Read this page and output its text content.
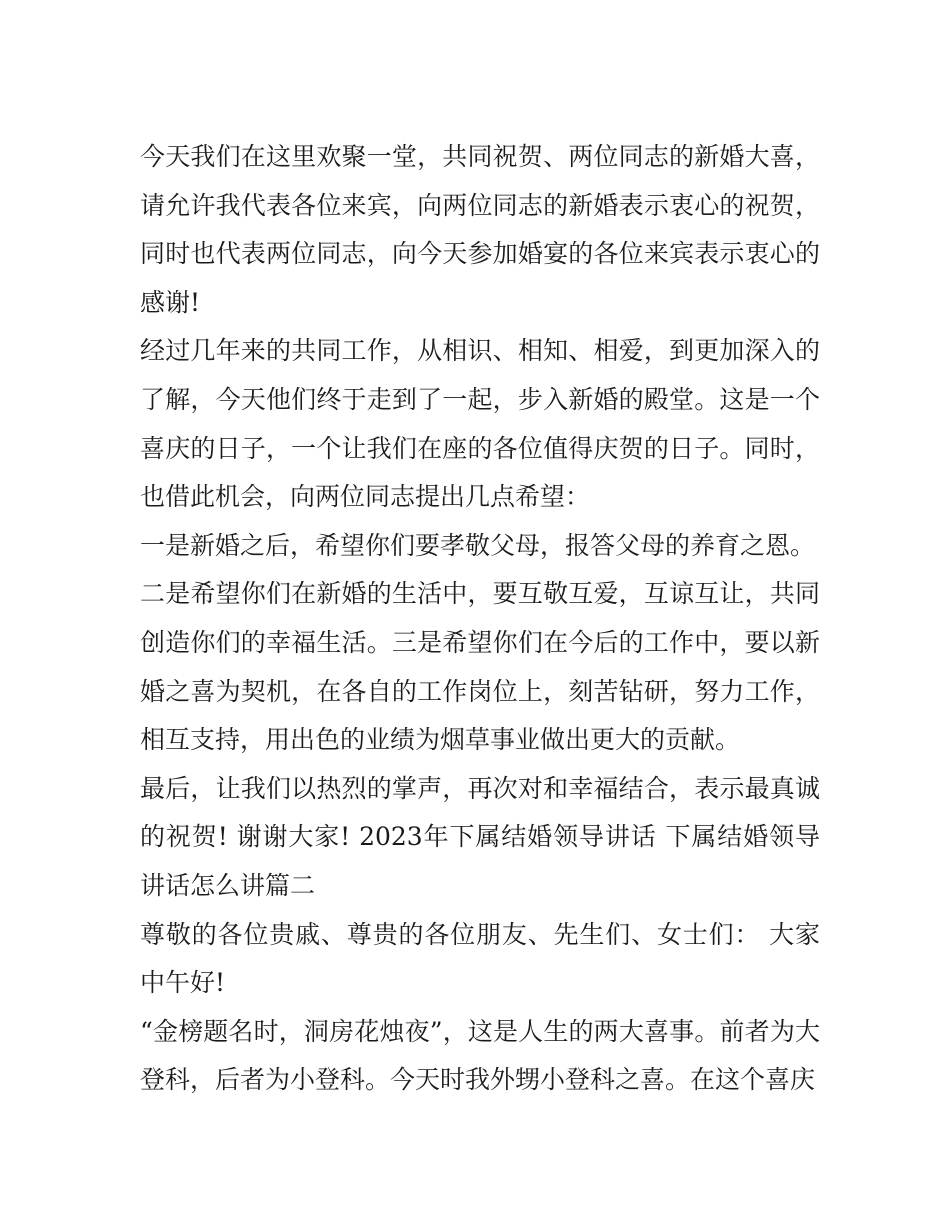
今天我们在这里欢聚一堂，共同祝贺、两位同志的新婚大喜，请允许我代表各位来宾，向两位同志的新婚表示衷心的祝贺，同时也代表两位同志，向今天参加婚宴的各位来宾表示衷心的感谢!

经过几年来的共同工作，从相识、相知、相爱，到更加深入的了解，今天他们终于走到了一起，步入新婚的殿堂。这是一个喜庆的日子，一个让我们在座的各位值得庆贺的日子。同时，也借此机会，向两位同志提出几点希望：

一是新婚之后，希望你们要孝敬父母，报答父母的养育之恩。

二是希望你们在新婚的生活中，要互敬互爱，互谅互让，共同创造你们的幸福生活。三是希望你们在今后的工作中，要以新婚之喜为契机，在各自的工作岗位上，刻苦钻研，努力工作，相互支持，用出色的业绩为烟草事业做出更大的贡献。

最后，让我们以热烈的掌声，再次对和幸福结合，表示最真诚的祝贺! 谢谢大家! 2023年下属结婚领导讲话 下属结婚领导讲话怎么讲篇二

尊敬的各位贵戚、尊贵的各位朋友、先生们、女士们： 大家中午好!

“金榜题名时，洞房花烛夜”，这是人生的两大喜事。前者为大登科，后者为小登科。今天时我外甥小登科之喜。在这个喜庆
